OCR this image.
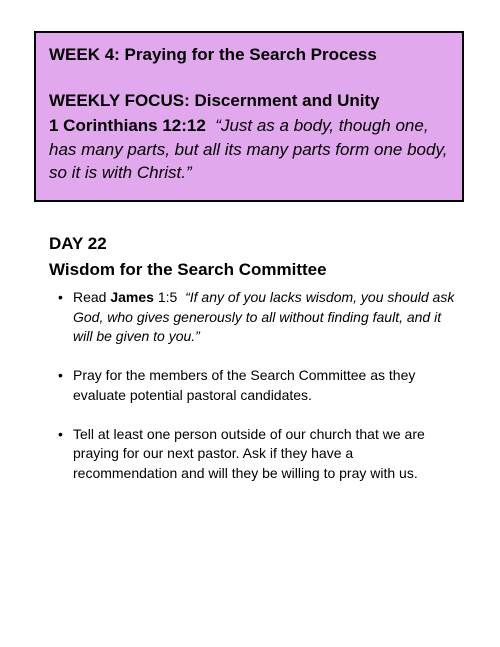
WEEK 4: Praying for the Search Process

WEEKLY FOCUS: Discernment and Unity

1 Corinthians 12:12 “Just as a body, though one, has many parts, but all its many parts form one body, so it is with Christ.”

DAY 22

Wisdom for the Search Committee

• Read James 1:5 “If any of you lacks wisdom, you should ask God, who gives generously to all without finding fault, and it will be given to you.”
• Pray for the members of the Search Committee as they evaluate potential pastoral candidates.
• Tell at least one person outside of our church that we are praying for our next pastor. Ask if they have a recommendation and will they be willing to pray with us.
